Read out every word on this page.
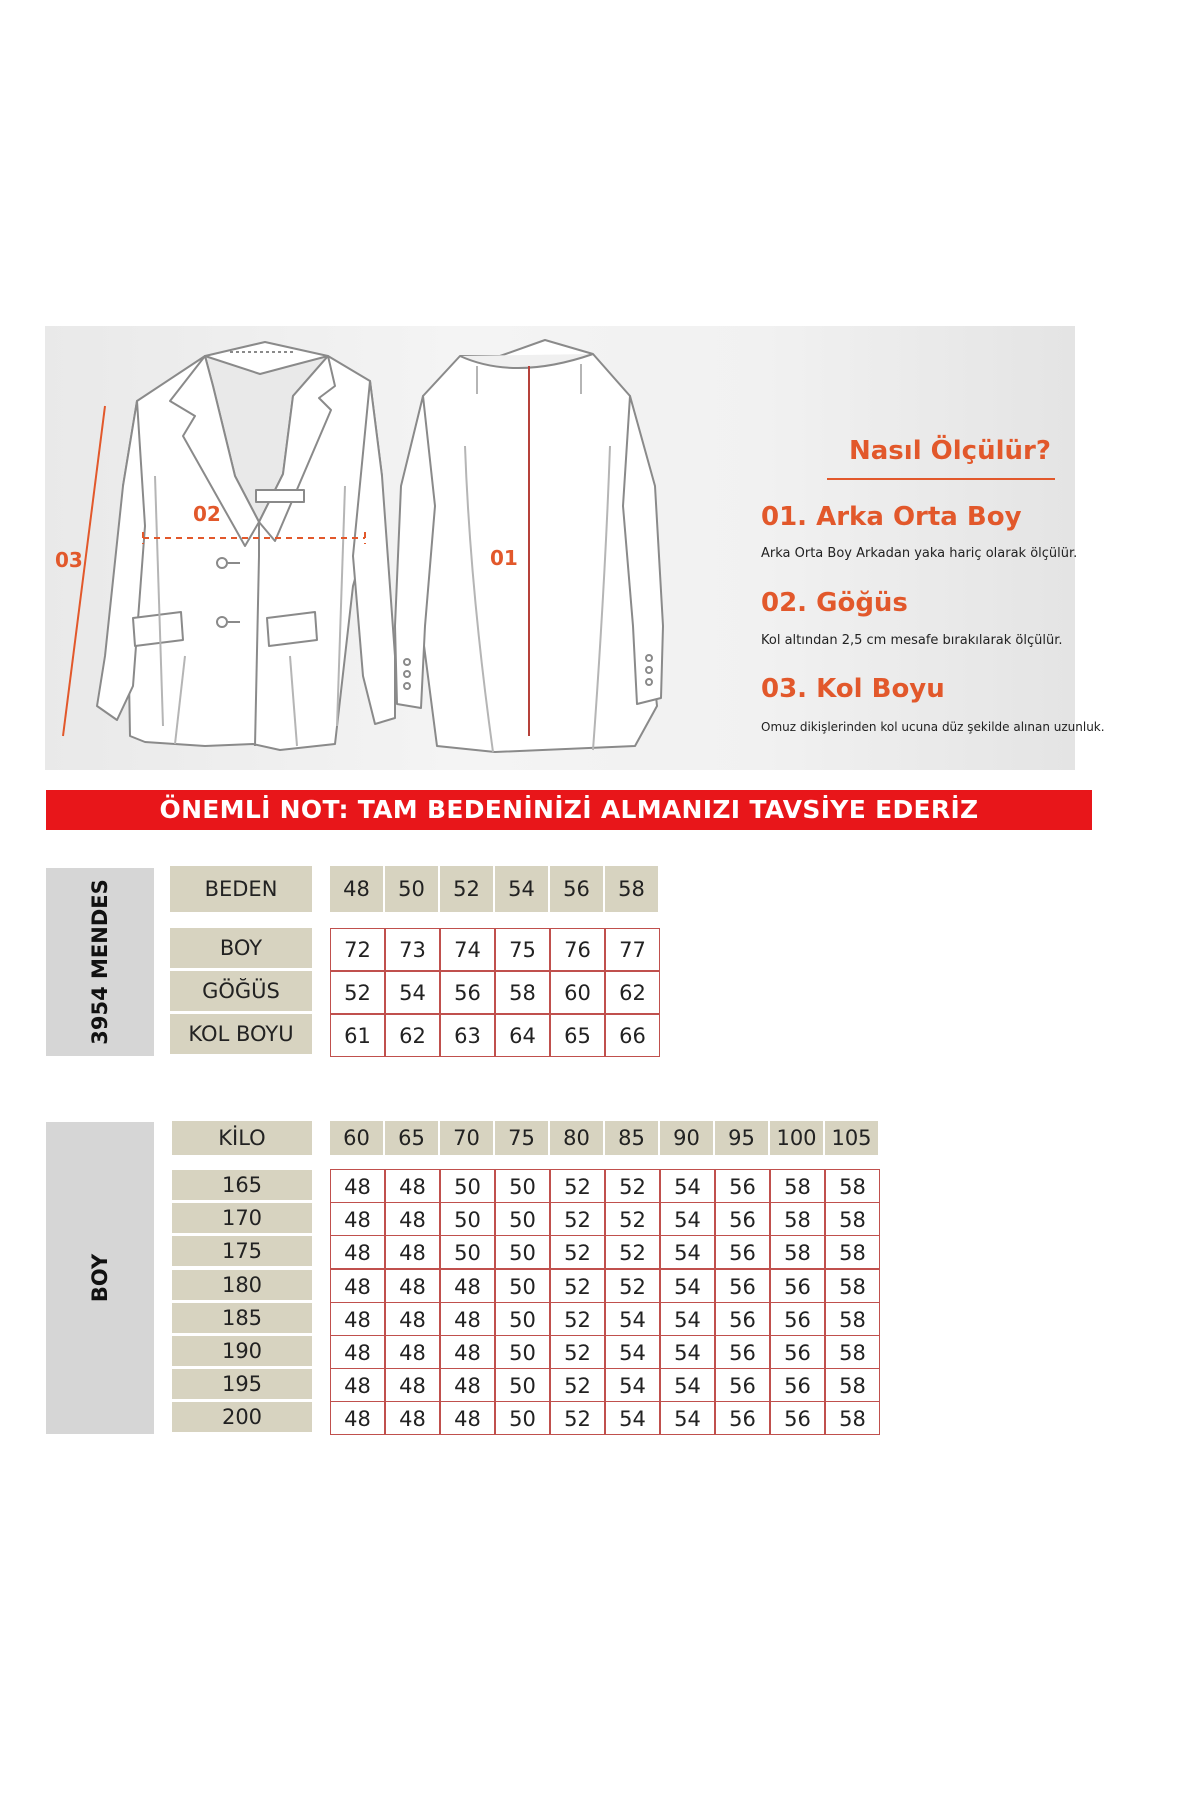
03
02
01
Nasıl Ölçülür?
01. Arka Orta Boy
Arka Orta Boy Arkadan yaka hariç olarak ölçülür.
02. Göğüs
Kol altından 2,5 cm mesafe bırakılarak ölçülür.
03. Kol Boyu
Omuz dikişlerinden kol ucuna düz şekilde alınan uzunluk.
ÖNEMLİ NOT: TAM BEDENİNİZİ ALMANIZI TAVSİYE EDERİZ
3954 MENDES	BEDEN	48	50	52	54	56	58
BOY	72	73	74	75	76	77
GÖĞÜS	52	54	56	58	60	62
KOL BOYU	61	62	63	64	65	66
BOY
KİLO	60	65	70	75	80	85	90	95	100 105
165	48	48	50	50	52	52	54	56	58	58
170	48	48	50	50	52	52	54	56	58	58
175	48	48	50	50	52	52	54	56	58	58
180	48	48	48	50	52	52	54	56	56	58
185	48	48	48	50	52	54	54	56	56	58
190	48	48	48	50	52	54	54	56	56	58
195	48	48	48	50	52	54	54	56	56	58
200	48	48	48	50	52	54	54	56	56	58
